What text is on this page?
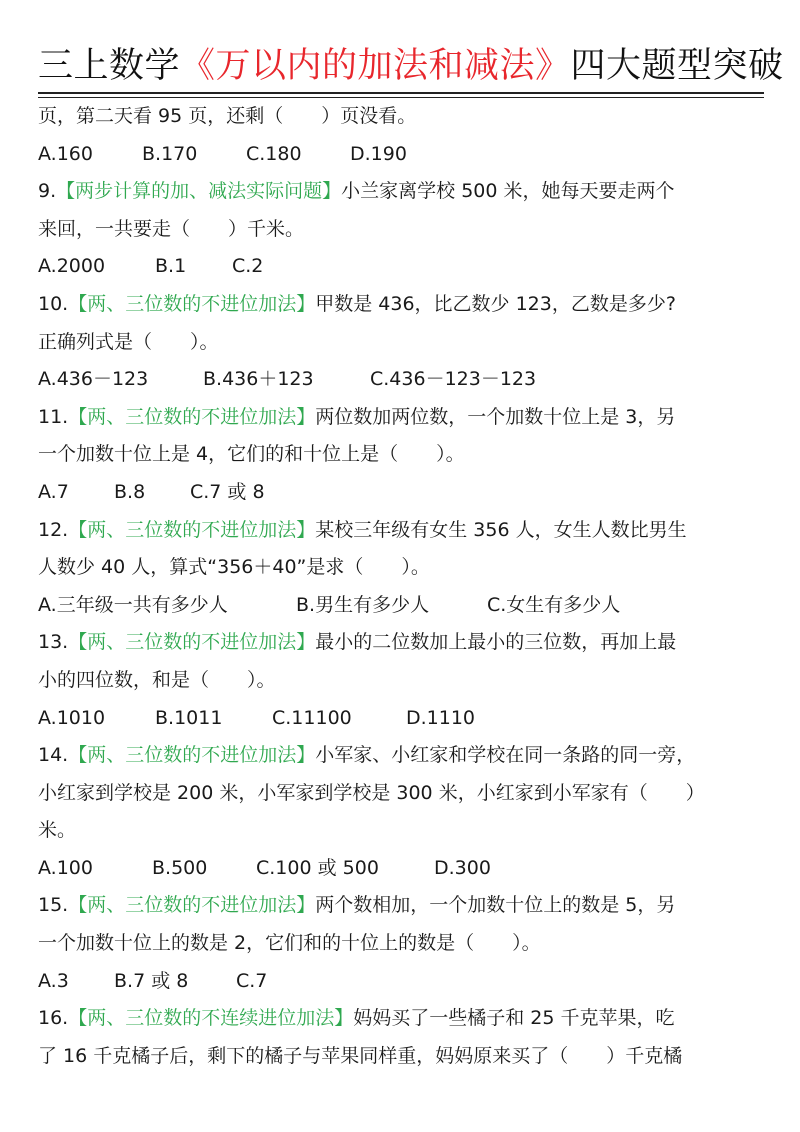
三上数学《万以内的加法和减法》四大题型突破
页，第二天看 95 页，还剩（　　）页没看。
A.160	B.170	C.180	D.190
9.【两步计算的加、减法实际问题】小兰家离学校 500 米，她每天要走两个
来回，一共要走（　　）千米。
A.2000	B.1 C.2
10.【两、三位数的不进位加法】甲数是 436，比乙数少 123，乙数是多少?
正确列式是（　　）。
A.436－123	B.436＋123	C.436－123－123
11.【两、三位数的不进位加法】两位数加两位数，一个加数十位上是 3，另
一个加数十位上是 4，它们的和十位上是（　　）。
A.7 B.8 C.7 或 8
12.【两、三位数的不进位加法】某校三年级有女生 356 人，女生人数比男生
人数少 40 人，算式“356＋40”是求（　　）。
A.三年级一共有多少人	B.男生有多少人	C.女生有多少人
13.【两、三位数的不进位加法】最小的二位数加上最小的三位数，再加上最
小的四位数，和是（　　）。
A.1010	B.1011	C.11100	D.1110
14.【两、三位数的不进位加法】小军家、小红家和学校在同一条路的同一旁，
小红家到学校是 200 米，小军家到学校是 300 米，小红家到小军家有（　　）
米。
A.100	B.500	C.100 或 500	D.300
15.【两、三位数的不进位加法】两个数相加，一个加数十位上的数是 5，另
一个加数十位上的数是 2，它们和的十位上的数是（　　）。
A.3 B.7 或 8	C.7
16.【两、三位数的不连续进位加法】妈妈买了一些橘子和 25 千克苹果，吃
了 16 千克橘子后，剩下的橘子与苹果同样重，妈妈原来买了（　　）千克橘
